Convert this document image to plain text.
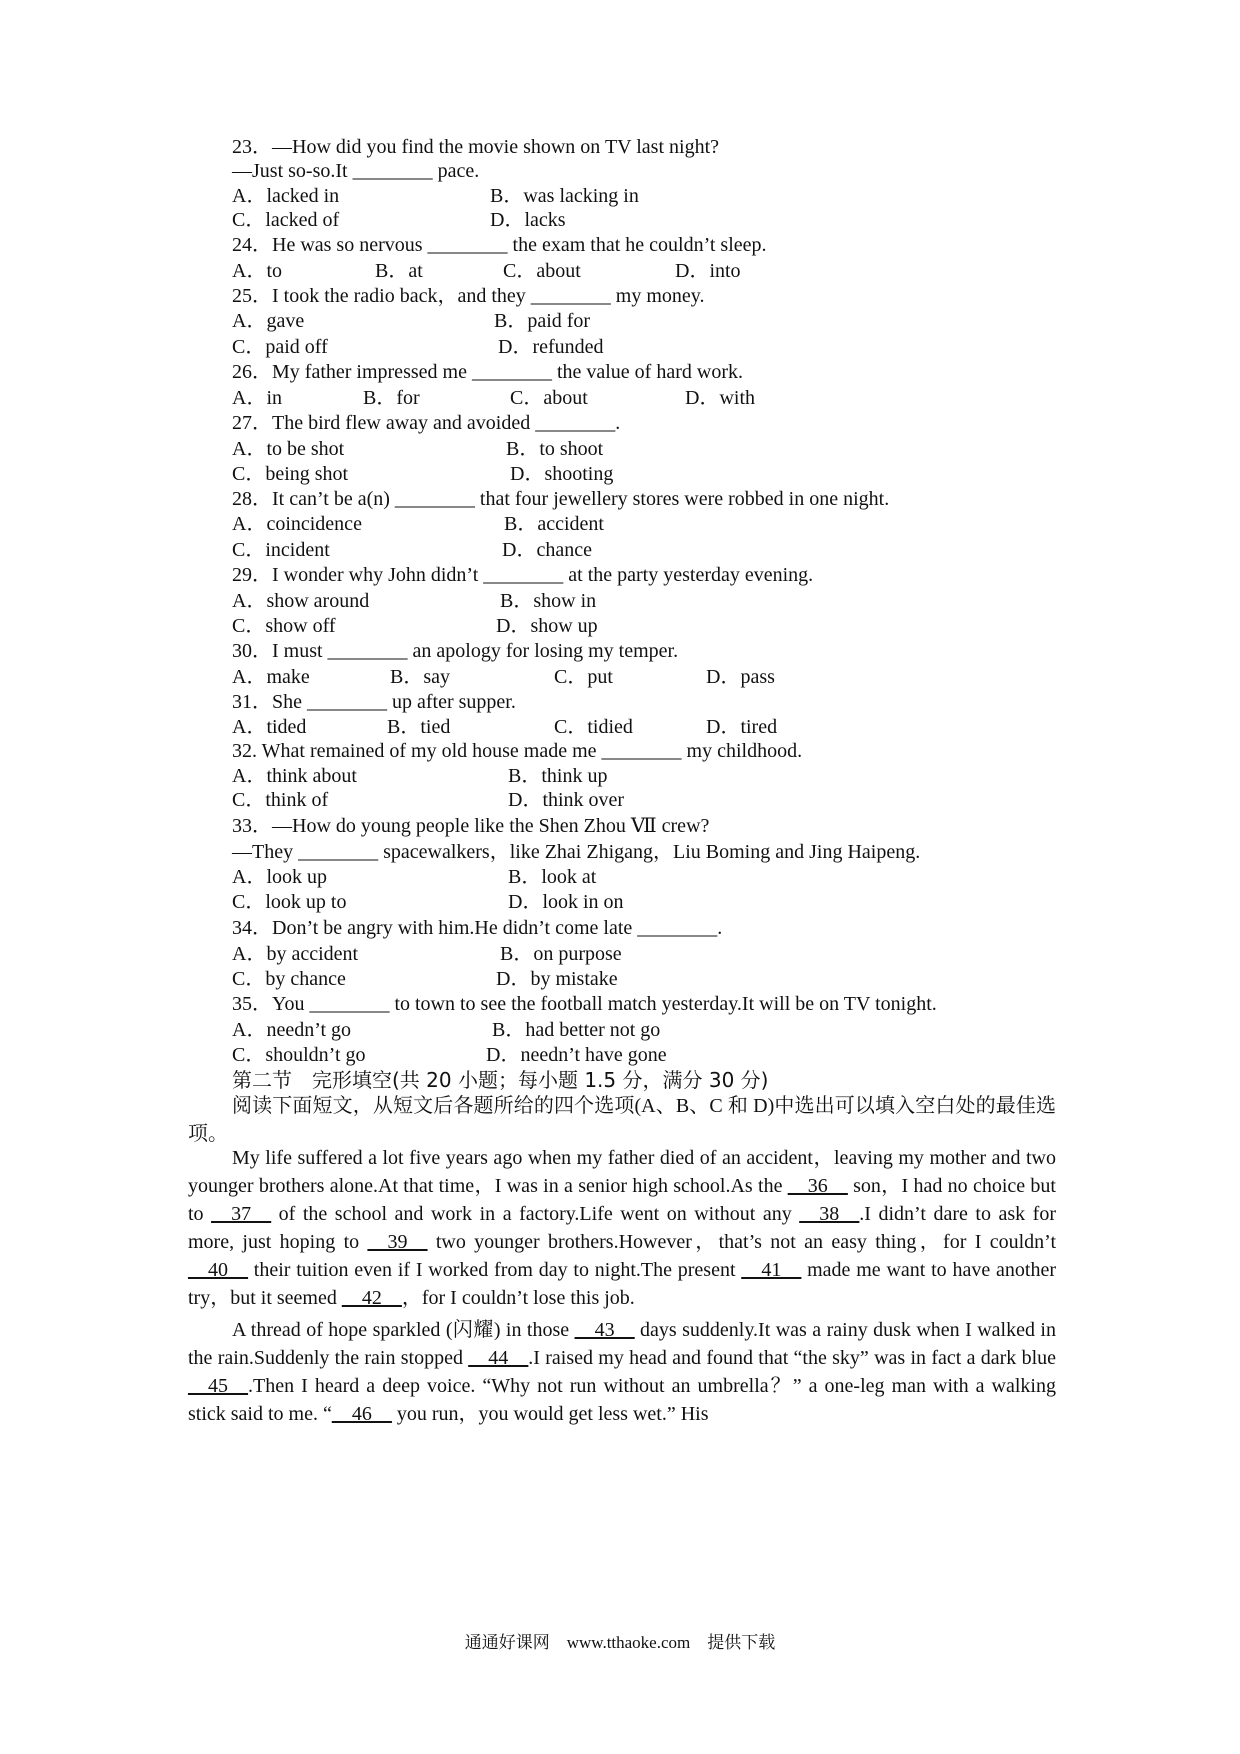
23．—How did you find the movie shown on TV last night?
—Just so-so.It ________ pace.
A．lacked in	B．was lacking in
C．lacked of	D．lacks
24．He was so nervous ________ the exam that he couldn’t sleep.
A．to	B．at	C．about	D．into
25．I took the radio back，and they ________ my money.
A．gave	B．paid for
C．paid off	D．refunded
26．My father impressed me ________ the value of hard work.
A．in	B．for	C．about	D．with
27．The bird flew away and avoided ________.
A．to be shot	B．to shoot
C．being shot	D．shooting
28．It can’t be a(n) ________ that four jewellery stores were robbed in one night.
A．coincidence	B．accident
C．incident	D．chance
29．I wonder why John didn’t ________ at the party yesterday evening.
A．show around	B．show in
C．show off	D．show up
30．I must ________ an apology for losing my temper.
A．make	B．say	C．put	D．pass
31．She ________ up after supper.
A．tided	B．tied	C．tidied	D．tired
32. What remained of my old house made me ________ my childhood.
A．think about	B．think up
C．think of	D．think over
33．—How do young people like the Shen Zhou Ⅶ crew?
—They ________ spacewalkers，like Zhai Zhigang，Liu Boming and Jing Haipeng.
A．look up	B．look at
C．look up to	D．look in on
34．Don’t be angry with him.He didn’t come late ________.
A．by accident	B．on purpose
C．by chance	D．by mistake
35．You ________ to town to see the football match yesterday.It will be on TV tonight.
A．needn’t go	B．had better not go
C．shouldn’t go	D．needn’t have gone
第二节　完形填空(共 20 小题；每小题 1.5 分，满分 30 分)
阅读下面短文，从短文后各题所给的四个选项(A、B、C 和 D)中选出可以填入空白处的最佳选项。
My life suffered a lot five years ago when my father died of an accident，leaving my mother and two younger brothers alone.At that time，I was in a senior high school.As the __36__ son，I had no choice but to __37__ of the school and work in a factory.Life went on without any __38__.I didn’t dare to ask for more, just hoping to __39__ two younger brothers.However，that’s not an easy thing，for I couldn’t __40__ their tuition even if I worked from day to night.The present __41__ made me want to have another try，but it seemed __42__，for I couldn’t lose this job.
A thread of hope sparkled (闪耀) in those __43__ days suddenly.It was a rainy dusk when I walked in the rain.Suddenly the rain stopped __44__.I raised my head and found that “the sky” was in fact a dark blue __45__.Then I heard a deep voice. “Why not run without an umbrella？” a one-leg man with a walking stick said to me. “__46__ you run，you would get less wet.” His
通通好课网　www.tthaoke.com　提供下载
